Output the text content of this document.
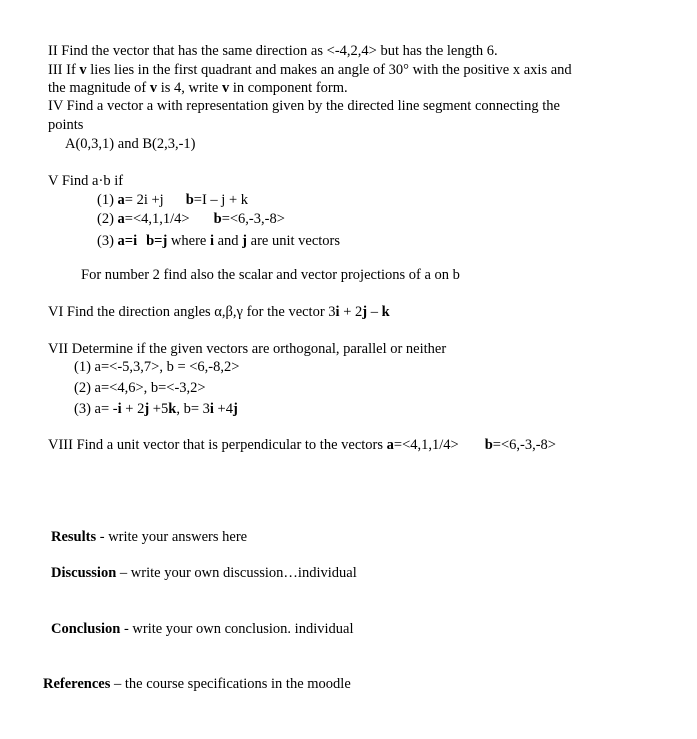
II Find the vector that has the same direction as <-4,2,4> but has the length 6.
III If v lies lies in the first quadrant and makes an angle of 30° with the positive x axis and
the magnitude of v is 4, write v in component form.
IV Find a vector a with representation given by the directed line segment connecting the
points
A(0,3,1) and B(2,3,-1)
V Find a·b if
(1) a= 2i +j b=I – j + k
(2) a=<4,1,1/4> b=<6,-3,-8>
(3) a=i b=j where i and j are unit vectors
For number 2 find also the scalar and vector projections of a on b
VI Find the direction angles α,β,γ for the vector 3i + 2j – k
VII Determine if the given vectors are orthogonal, parallel or neither
(1) a=<-5,3,7>, b = <6,-8,2>
(2) a=<4,6>, b=<-3,2>
(3) a= -i + 2j +5k, b= 3i +4j
VIII Find a unit vector that is perpendicular to the vectors a=<4,1,1/4> b=<6,-3,-8>
Results - write your answers here
Discussion – write your own discussion…individual
Conclusion - write your own conclusion. individual
References – the course specifications in the moodle
